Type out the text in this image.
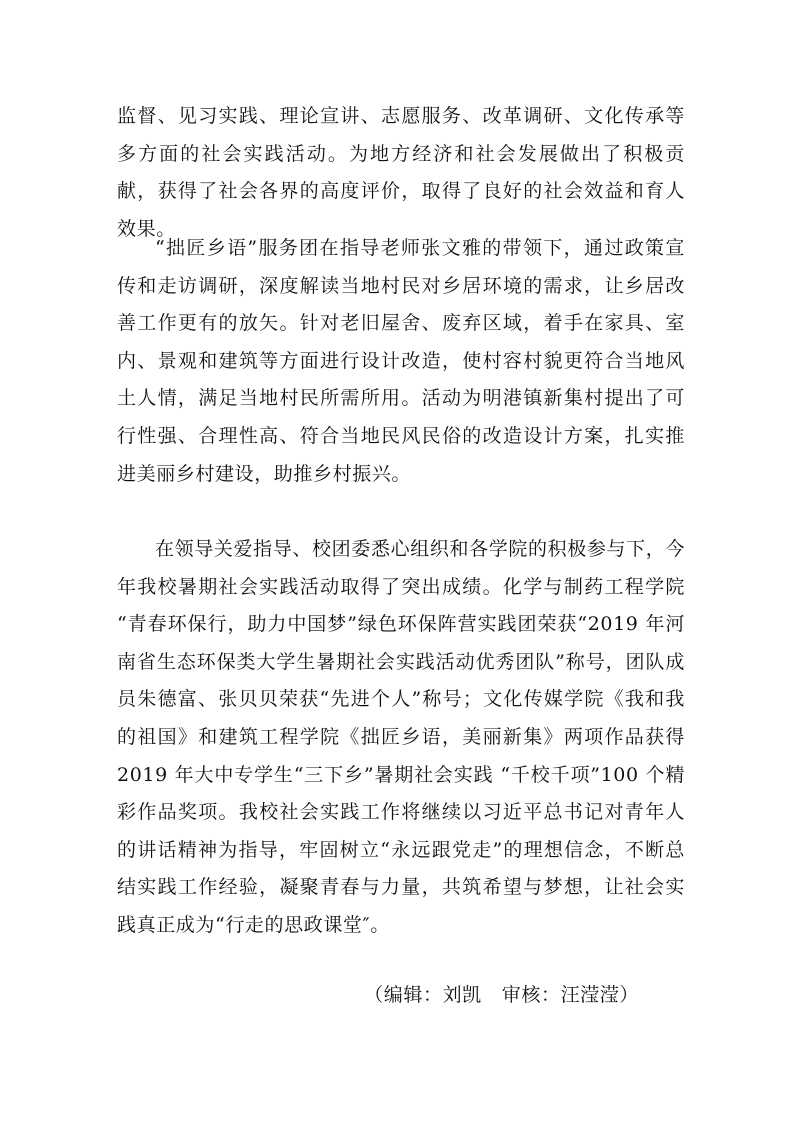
监督、见习实践、理论宣讲、志愿服务、改革调研、文化传承等多方面的社会实践活动。为地方经济和社会发展做出了积极贡献，获得了社会各界的高度评价，取得了良好的社会效益和育人效果。

“拙匠乡语”服务团在指导老师张文雅的带领下，通过政策宣传和走访调研，深度解读当地村民对乡居环境的需求，让乡居改善工作更有的放矢。针对老旧屋舍、废弃区域，着手在家具、室内、景观和建筑等方面进行设计改造，使村容村貌更符合当地风土人情，满足当地村民所需所用。活动为明港镇新集村提出了可行性强、合理性高、符合当地民风民俗的改造设计方案，扎实推进美丽乡村建设，助推乡村振兴。

在领导关爱指导、校团委悉心组织和各学院的积极参与下，今年我校暑期社会实践活动取得了突出成绩。化学与制药工程学院 “青春环保行，助力中国梦”绿色环保阵营实践团荣获“2019 年河南省生态环保类大学生暑期社会实践活动优秀团队”称号，团队成员朱德富、张贝贝荣获“先进个人”称号；文化传媒学院《我和我的祖国》和建筑工程学院《拙匠乡语，美丽新集》两项作品获得 2019 年大中专学生“三下乡”暑期社会实践 “千校千项”100 个精彩作品奖项。我校社会实践工作将继续以习近平总书记对青年人的讲话精神为指导，牢固树立“永远跟党走”的理想信念，不断总结实践工作经验，凝聚青春与力量，共筑希望与梦想，让社会实践真正成为“行走的思政课堂″。

（编辑：刘凯 审核：汪滢滢）
